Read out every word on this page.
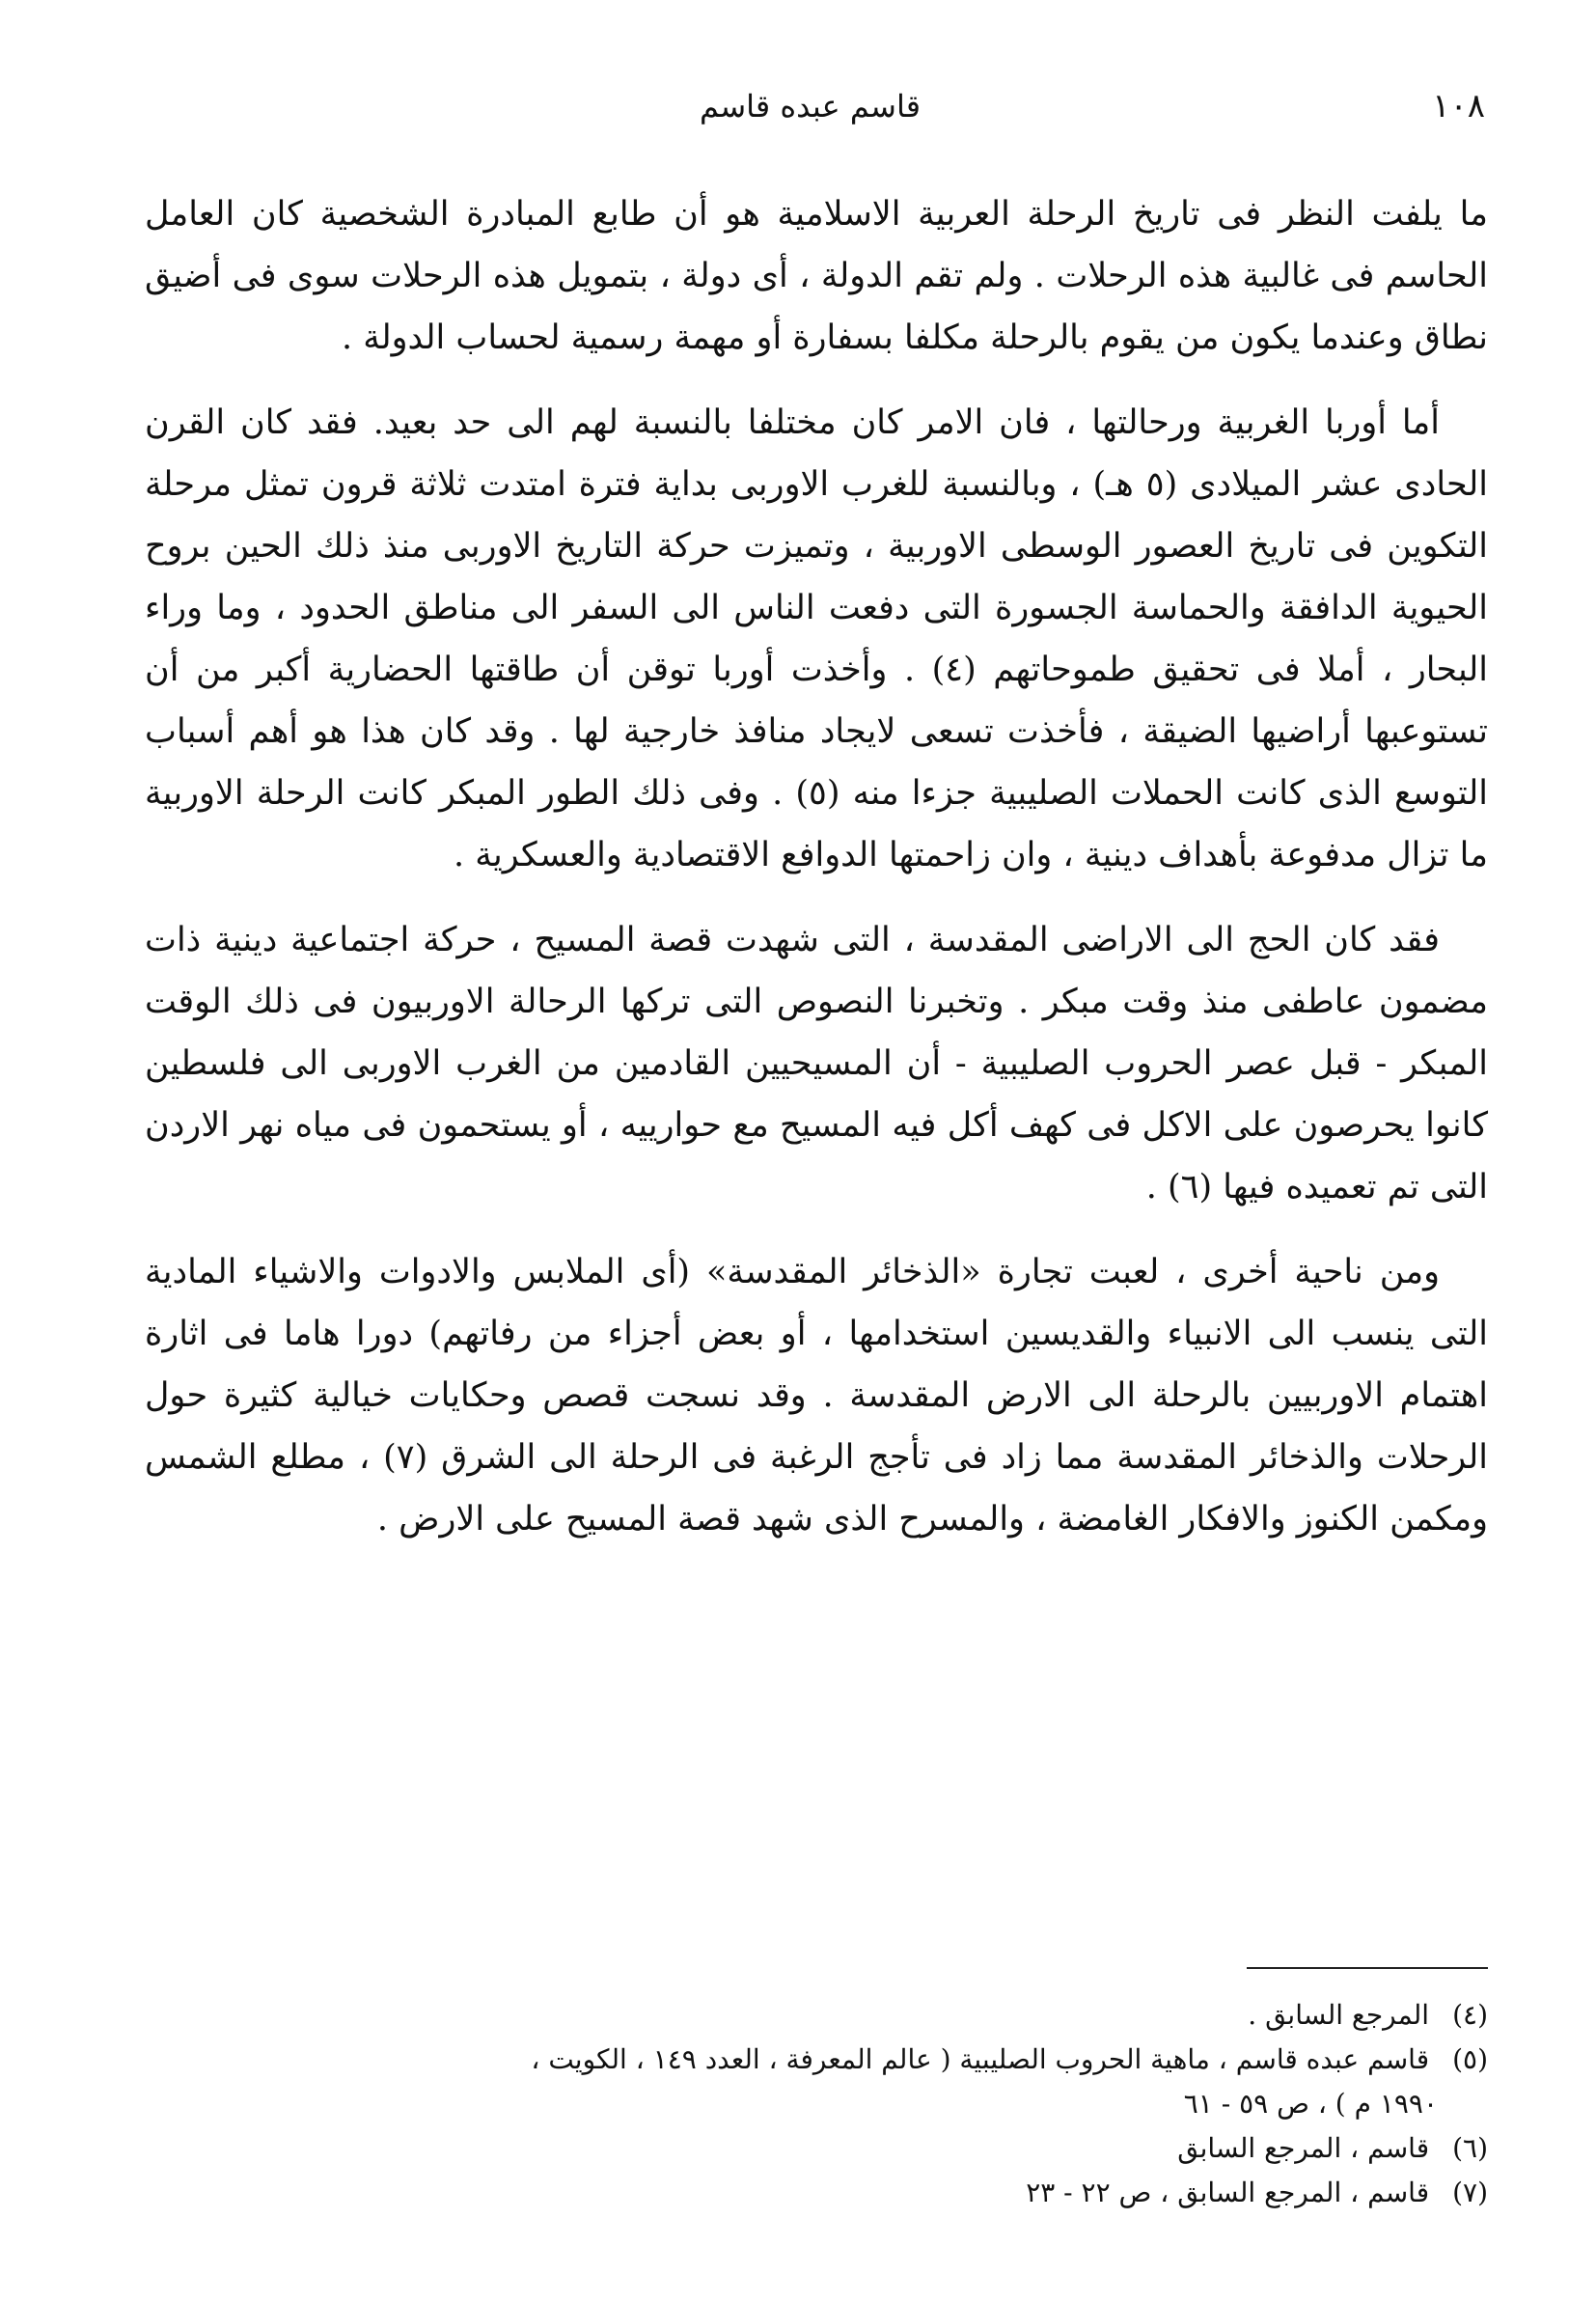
١٠٨
قاسم عبده قاسم

ما يلفت النظر فى تاريخ الرحلة العربية الاسلامية هو أن طابع المبادرة الشخصية كان العامل الحاسم فى غالبية هذه الرحلات . ولم تقم الدولة ، أى دولة ، بتمويل هذه الرحلات سوى فى أضيق نطاق وعندما يكون من يقوم بالرحلة مكلفا بسفارة أو مهمة رسمية لحساب الدولة .

أما أوربا الغربية ورحالتها ، فان الامر كان مختلفا بالنسبة لهم الى حد بعيد. فقد كان القرن الحادى عشر الميلادى (٥ هـ) ، وبالنسبة للغرب الاوربى بداية فترة امتدت ثلاثة قرون تمثل مرحلة التكوين فى تاريخ العصور الوسطى الاوربية ، وتميزت حركة التاريخ الاوربى منذ ذلك الحين بروح الحيوية الدافقة والحماسة الجسورة التى دفعت الناس الى السفر الى مناطق الحدود ، وما وراء البحار ، أملا فى تحقيق طموحاتهم (٤) . وأخذت أوربا توقن أن طاقتها الحضارية أكبر من أن تستوعبها أراضيها الضيقة ، فأخذت تسعى لايجاد منافذ خارجية لها . وقد كان هذا هو أهم أسباب التوسع الذى كانت الحملات الصليبية جزءا منه (٥) . وفى ذلك الطور المبكر كانت الرحلة الاوربية ما تزال مدفوعة بأهداف دينية ، وان زاحمتها الدوافع الاقتصادية والعسكرية .

فقد كان الحج الى الاراضى المقدسة ، التى شهدت قصة المسيح ، حركة اجتماعية دينية ذات مضمون عاطفى منذ وقت مبكر . وتخبرنا النصوص التى تركها الرحالة الاوربيون فى ذلك الوقت المبكر - قبل عصر الحروب الصليبية - أن المسيحيين القادمين من الغرب الاوربى الى فلسطين كانوا يحرصون على الاكل فى كهف أكل فيه المسيح مع حوارييه ، أو يستحمون فى مياه نهر الاردن التى تم تعميده فيها (٦) .

ومن ناحية أخرى ، لعبت تجارة «الذخائر المقدسة» (أى الملابس والادوات والاشياء المادية التى ينسب الى الانبياء والقديسين استخدامها ، أو بعض أجزاء من رفاتهم) دورا هاما فى اثارة اهتمام الاوربيين بالرحلة الى الارض المقدسة . وقد نسجت قصص وحكايات خيالية كثيرة حول الرحلات والذخائر المقدسة مما زاد فى تأجج الرغبة فى الرحلة الى الشرق (٧) ، مطلع الشمس ومكمن الكنوز والافكار الغامضة ، والمسرح الذى شهد قصة المسيح على الارض .

(٤) المرجع السابق .

(٥) قاسم عبده قاسم ، ماهية الحروب الصليبية ( عالم المعرفة ، العدد ١٤٩ ، الكويت ،

١٩٩٠ م ) ، ص ٥٩ - ٦١

(٦) قاسم ، المرجع السابق

(٧) قاسم ، المرجع السابق ، ص ٢٢ - ٢٣
